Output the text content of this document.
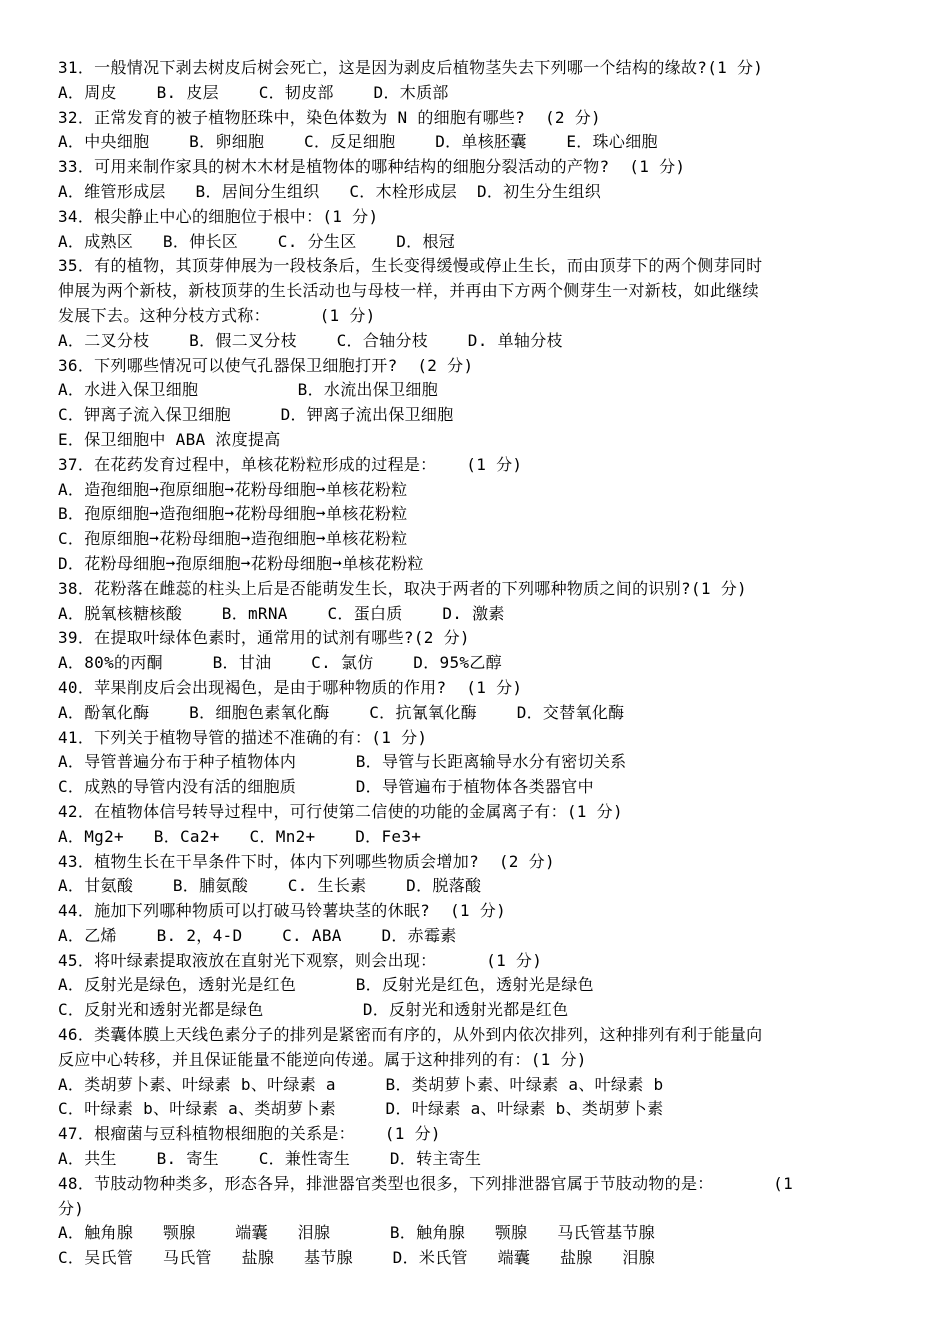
31．一般情况下剥去树皮后树会死亡，这是因为剥皮后植物茎失去下列哪一个结构的缘故?(1 分)
A．周皮    B. 皮层    C．韧皮部    D．木质部
32．正常发育的被子植物胚珠中，染色体数为 N 的细胞有哪些?  (2 分)
A．中央细胞    B．卵细胞    C．反足细胞    D．单核胚囊    E．珠心细胞
33．可用来制作家具的树木木材是植物体的哪种结构的细胞分裂活动的产物?  (1 分)
A．维管形成层   B．居间分生组织   C．木栓形成层  D．初生分生组织
34．根尖静止中心的细胞位于根中：(1 分)
A．成熟区   B．伸长区    C. 分生区    D．根冠
35．有的植物，其顶芽伸展为一段枝条后，生长变得缓慢或停止生长，而由顶芽下的两个侧芽同时
伸展为两个新枝，新枝顶芽的生长活动也与母枝一样，并再由下方两个侧芽生一对新枝，如此继续
发展下去。这种分枝方式称：     (1 分)
A．二叉分枝    B．假二叉分枝    C．合轴分枝    D. 单轴分枝
36．下列哪些情况可以使气孔器保卫细胞打开?  (2 分)
A．水进入保卫细胞          B．水流出保卫细胞
C．钾离子流入保卫细胞     D．钾离子流出保卫细胞
E．保卫细胞中 ABA 浓度提高
37．在花药发育过程中，单核花粉粒形成的过程是：   (1 分)
A．造孢细胞➞孢原细胞➞花粉母细胞➞单核花粉粒
B．孢原细胞➞造孢细胞➞花粉母细胞➞单核花粉粒
C．孢原细胞➞花粉母细胞➞造孢细胞➞单核花粉粒
D．花粉母细胞➞孢原细胞➞花粉母细胞➞单核花粉粒
38．花粉落在雌蕊的柱头上后是否能萌发生长，取决于两者的下列哪种物质之间的识别?(1 分)
A．脱氧核糖核酸    B．mRNA    C．蛋白质    D. 激素
39．在提取叶绿体色素时，通常用的试剂有哪些?(2 分)
A．80%的丙酮     B．甘油    C. 氯仿    D．95%乙醇
40．苹果削皮后会出现褐色，是由于哪种物质的作用?  (1 分)
A．酚氧化酶    B．细胞色素氧化酶    C．抗氰氧化酶    D．交替氧化酶
41．下列关于植物导管的描述不准确的有：(1 分)
A．导管普遍分布于种子植物体内      B．导管与长距离输导水分有密切关系
C．成熟的导管内没有活的细胞质      D．导管遍布于植物体各类器官中
42．在植物体信号转导过程中，可行使第二信使的功能的金属离子有：(1 分)
A．Mg2+   B．Ca2+   C．Mn2+    D．Fe3+
43．植物生长在干旱条件下时，体内下列哪些物质会增加?  (2 分)
A．甘氨酸    B．脯氨酸    C. 生长素    D．脱落酸
44．施加下列哪种物质可以打破马铃薯块茎的休眠?  (1 分)
A．乙烯    B. 2，4-D    C. ABA    D．赤霉素
45．将叶绿素提取液放在直射光下观察，则会出现：     (1 分)
A．反射光是绿色，透射光是红色      B．反射光是红色，透射光是绿色
C．反射光和透射光都是绿色          D．反射光和透射光都是红色
46．类囊体膜上天线色素分子的排列是紧密而有序的，从外到内依次排列，这种排列有利于能量向
反应中心转移，并且保证能量不能逆向传递。属于这种排列的有：(1 分)
A．类胡萝卜素、叶绿素 b、叶绿素 a     B．类胡萝卜素、叶绿素 a、叶绿素 b
C．叶绿素 b、叶绿素 a、类胡萝卜素     D．叶绿素 a、叶绿素 b、类胡萝卜素
47．根瘤菌与豆科植物根细胞的关系是：   (1 分)
A．共生    B. 寄生    C．兼性寄生    D．转主寄生
48．节肢动物种类多，形态各异，排泄器官类型也很多，下列排泄器官属于节肢动物的是：      (1
分)
A．触角腺   颚腺    端囊   泪腺      B．触角腺   颚腺   马氏管基节腺
C．吴氏管   马氏管   盐腺   基节腺    D．米氏管   端囊   盐腺   泪腺
